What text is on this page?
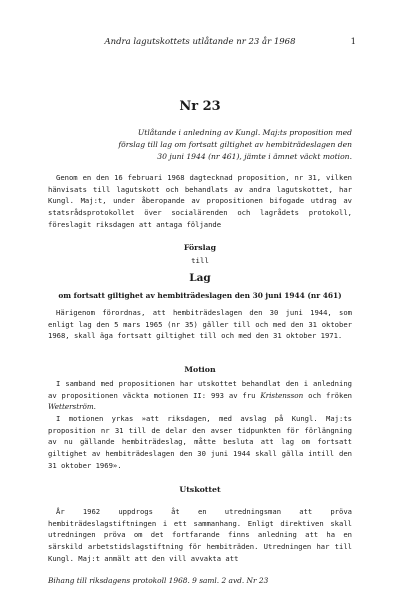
Andra lagutskottets utlåtande nr 23 år 1968	1
Nr 23

Utlåtande i anledning av Kungl. Maj:ts proposition med förslag till lag om fortsatt giltighet av hembiträdeslagen den 30 juni 1944 (nr 461), jämte i ämnet väckt motion.

Genom en den 16 februari 1968 dagtecknad proposition, nr 31, vilken hänvisats till lagutskott och behandlats av andra lagutskottet, har Kungl. Maj:t, under åberopande av propositionen bifogade utdrag av statsrådsprotokollet över socialärenden och lagrådets protokoll, föreslagit riksdagen att antaga följande

Förslag
till
Lag
om fortsatt giltighet av hembiträdeslagen den 30 juni 1944 (nr 461)

Härigenom förordnas, att hembiträdeslagen den 30 juni 1944, som enligt lag den 5 mars 1965 (nr 35) gäller till och med den 31 oktober 1968, skall äga fortsatt giltighet till och med den 31 oktober 1971.

Motion

I samband med propositionen har utskottet behandlat den i anledning av propositionen väckta motionen II: 993 av fru Kristensson och fröken Wetterström.

I motionen yrkas »att riksdagen, med avslag på Kungl. Maj:ts proposition nr 31 till de delar den avser tidpunkten för förlängning av nu gällande hembiträdeslag, måtte besluta att lag om fortsatt giltighet av hembiträdeslagen den 30 juni 1944 skall gälla intill den 31 oktober 1969».

Utskottet

År 1962 uppdrogs åt en utredningsman att pröva hembiträdeslagstiftningen i ett sammanhang. Enligt direktiven skall utredningen pröva om det fortfarande finns anledning att ha en särskild arbetstidslagstiftning för hembiträden. Utredningen har till Kungl. Maj:t anmält att den vill avvakta att

Bihang till riksdagens protokoll 1968. 9 saml. 2 avd. Nr 23
